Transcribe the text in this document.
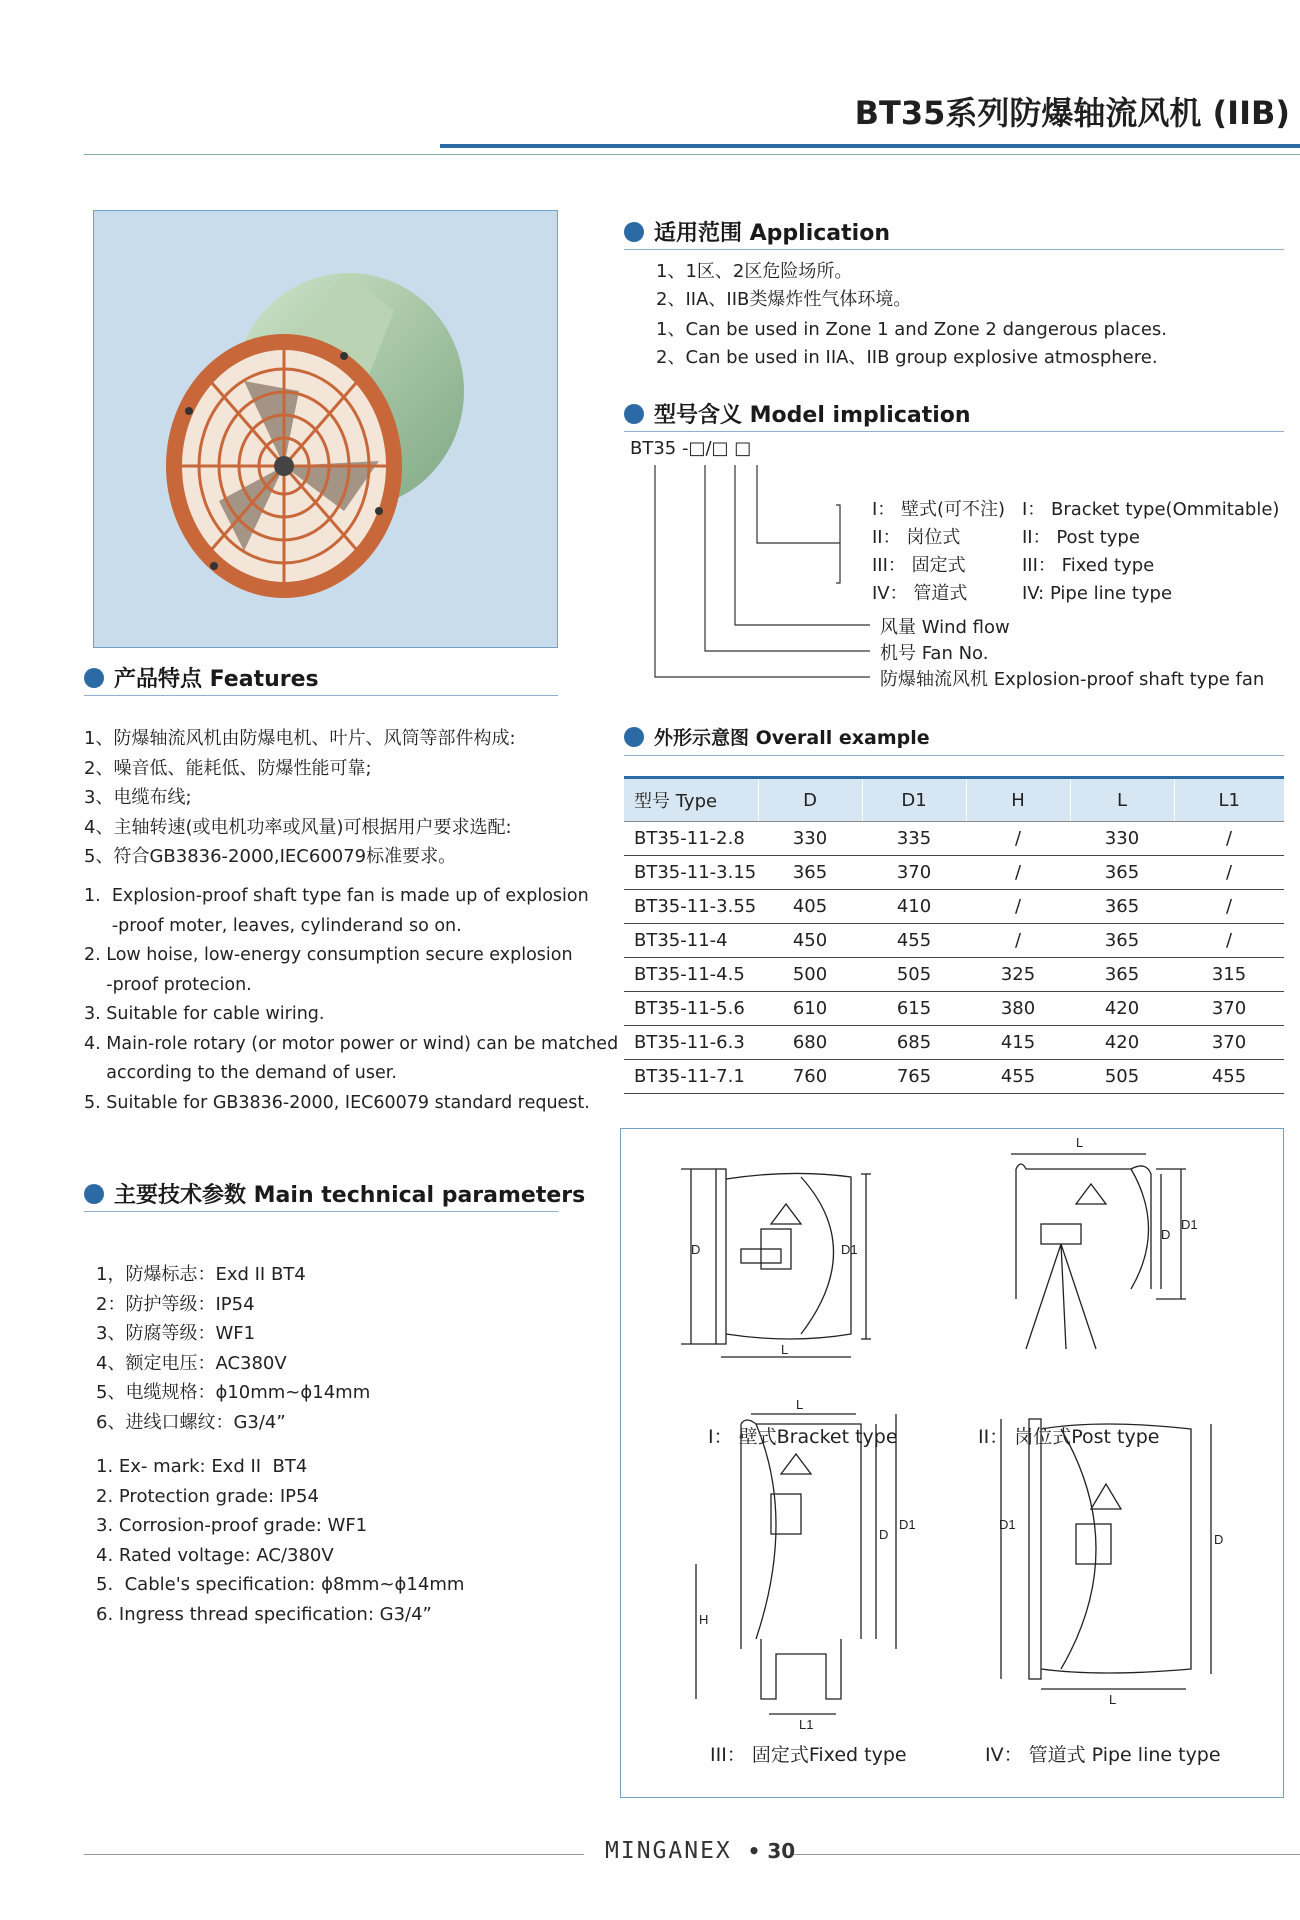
BT35系列防爆轴流风机 (IIB)
产品特点 Features
1、防爆轴流风机由防爆电机、叶片、风筒等部件构成:
2、噪音低、能耗低、防爆性能可靠;
3、电缆布线;
4、主轴转速(或电机功率或风量)可根据用户要求选配:
5、符合GB3836-2000,IEC60079标准要求。
1.  Explosion-proof shaft type fan is made up of explosion
-proof moter, leaves, cylinderand so on.
2. Low hoise, low-energy consumption secure explosion
-proof protecion.
3. Suitable for cable wiring.
4. Main-role rotary (or motor power or wind) can be matched
according to the demand of user.
5. Suitable for GB3836-2000, IEC60079 standard request.
主要技术参数 Main technical parameters
1，防爆标志：Exd II BT4
2：防护等级：IP54
3、防腐等级：WF1
4、额定电压：AC380V
5、电缆规格：ϕ10mm~ϕ14mm
6、进线口螺纹：G3/4”
1. Ex- mark: Exd II  BT4
2. Protection grade: IP54
3. Corrosion-proof grade: WF1
4. Rated voltage: AC/380V
5.  Cable's specification: ϕ8mm~ϕ14mm
6. Ingress thread specification: G3/4”
适用范围 Application
1、1区、2区危险场所。
2、IIA、IIB类爆炸性气体环境。
1、Can be used in Zone 1 and Zone 2 dangerous places.
2、Can be used in IIA、IIB group explosive atmosphere.
型号含义 Model implication
BT35 -□/□ □
I： 壁式(可不注)
II： 岗位式
III： 固定式
IV： 管道式
I： Bracket type(Ommitable)
II： Post type
III： Fixed type
IV: Pipe line type
风量 Wind flow
机号 Fan No.
防爆轴流风机 Explosion-proof shaft type fan
外形示意图 Overall example
型号 Type	D	D1	H	L	L1
BT35-11-2.8	330	335	/	330	/
BT35-11-3.15	365	370	/	365	/
BT35-11-3.55	405	410	/	365	/
BT35-11-4	450	455	/	365	/
BT35-11-4.5	500	505	325	365	315
BT35-11-5.6	610	615	380	420	370
BT35-11-6.3	680	685	415	420	370
BT35-11-7.1	760	765	455	505	455
D	D1
L
L
D
D1
L
H
D
D1
L1
D1
D
L
I： 壁式Bracket type	II： 岗位式Post type
III： 固定式Fixed type	IV： 管道式 Pipe line type
MINGANEX • 30
